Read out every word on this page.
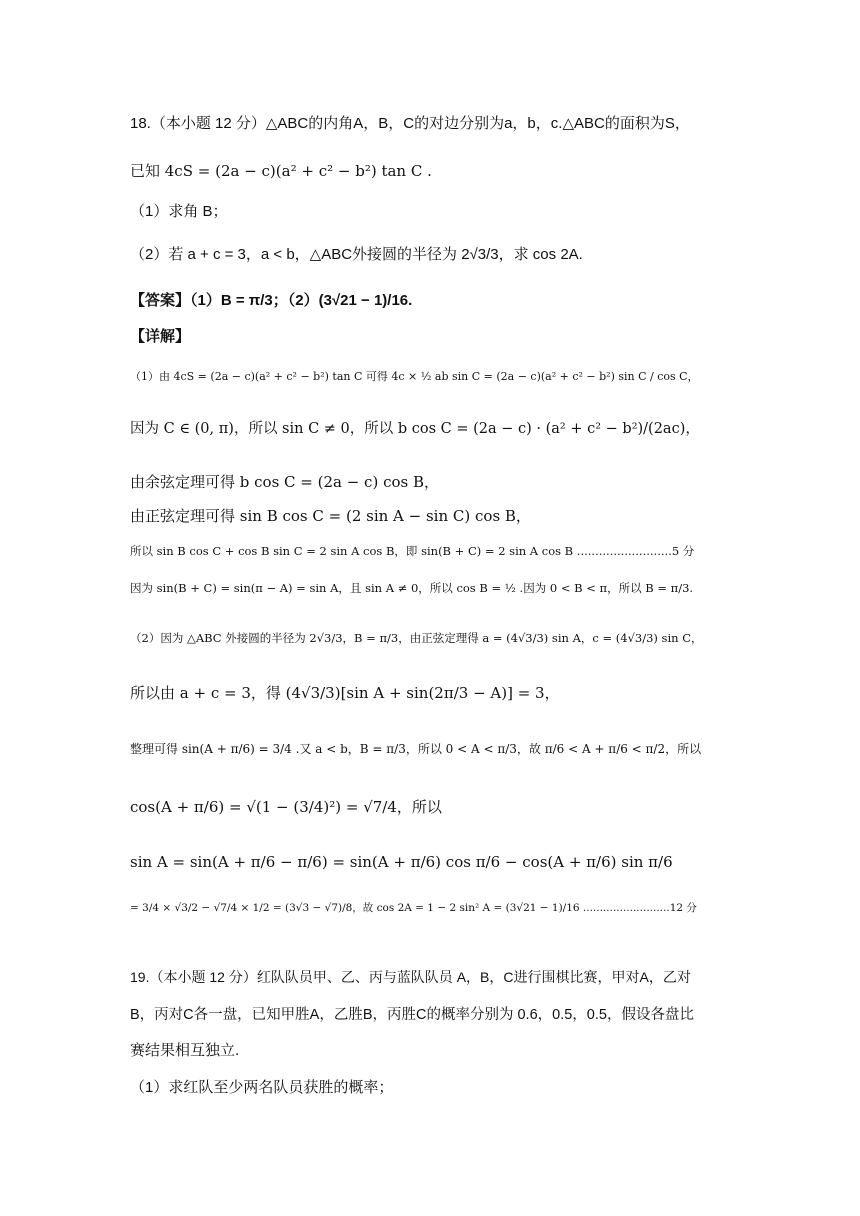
18.（本小题 12 分）△ABC的内角A，B，C的对边分别为a，b，c.△ABC的面积为S，
已知 4cS = (2a − c)(a² + c² − b²) tan C .
（1）求角 B；
（2）若 a + c = 3，a < b，△ABC外接圆的半径为 2√3/3，求 cos 2A.
【答案】（1）B = π/3；（2）(3√21 − 1)/16.
【详解】
（1）由 4cS = (2a − c)(a² + c² − b²) tan C 可得 4c × ½ ab sin C = (2a − c)(a² + c² − b²) sin C / cos C，
因为 C ∈ (0, π)，所以 sin C ≠ 0，所以 b cos C = (2a − c) · (a² + c² − b²)/(2ac)，
由余弦定理可得 b cos C = (2a − c) cos B，
由正弦定理可得 sin B cos C = (2 sin A − sin C) cos B，
所以 sin B cos C + cos B sin C = 2 sin A cos B，即 sin(B + C) = 2 sin A cos B ..........................5 分
因为 sin(B + C) = sin(π − A) = sin A，且 sin A ≠ 0，所以 cos B = ½ .因为 0 < B < π，所以 B = π/3.
（2）因为 △ABC 外接圆的半径为 2√3/3，B = π/3，由正弦定理得 a = (4√3/3) sin A，c = (4√3/3) sin C，
所以由 a + c = 3，得 (4√3/3)[sin A + sin(2π/3 − A)] = 3，
整理可得 sin(A + π/6) = 3/4 .又 a < b，B = π/3，所以 0 < A < π/3，故 π/6 < A + π/6 < π/2，所以
cos(A + π/6) = √(1 − (3/4)²) = √7/4，所以
sin A = sin(A + π/6 − π/6) = sin(A + π/6) cos π/6 − cos(A + π/6) sin π/6
= 3/4 × √3/2 − √7/4 × 1/2 = (3√3 − √7)/8，故 cos 2A = 1 − 2 sin² A = (3√21 − 1)/16 ..........................12 分
19.（本小题 12 分）红队队员甲、乙、丙与蓝队队员 A，B，C进行围棋比赛，甲对A，乙对
B，丙对C各一盘，已知甲胜A，乙胜B，丙胜C的概率分别为 0.6，0.5，0.5，假设各盘比
赛结果相互独立.
（1）求红队至少两名队员获胜的概率；
